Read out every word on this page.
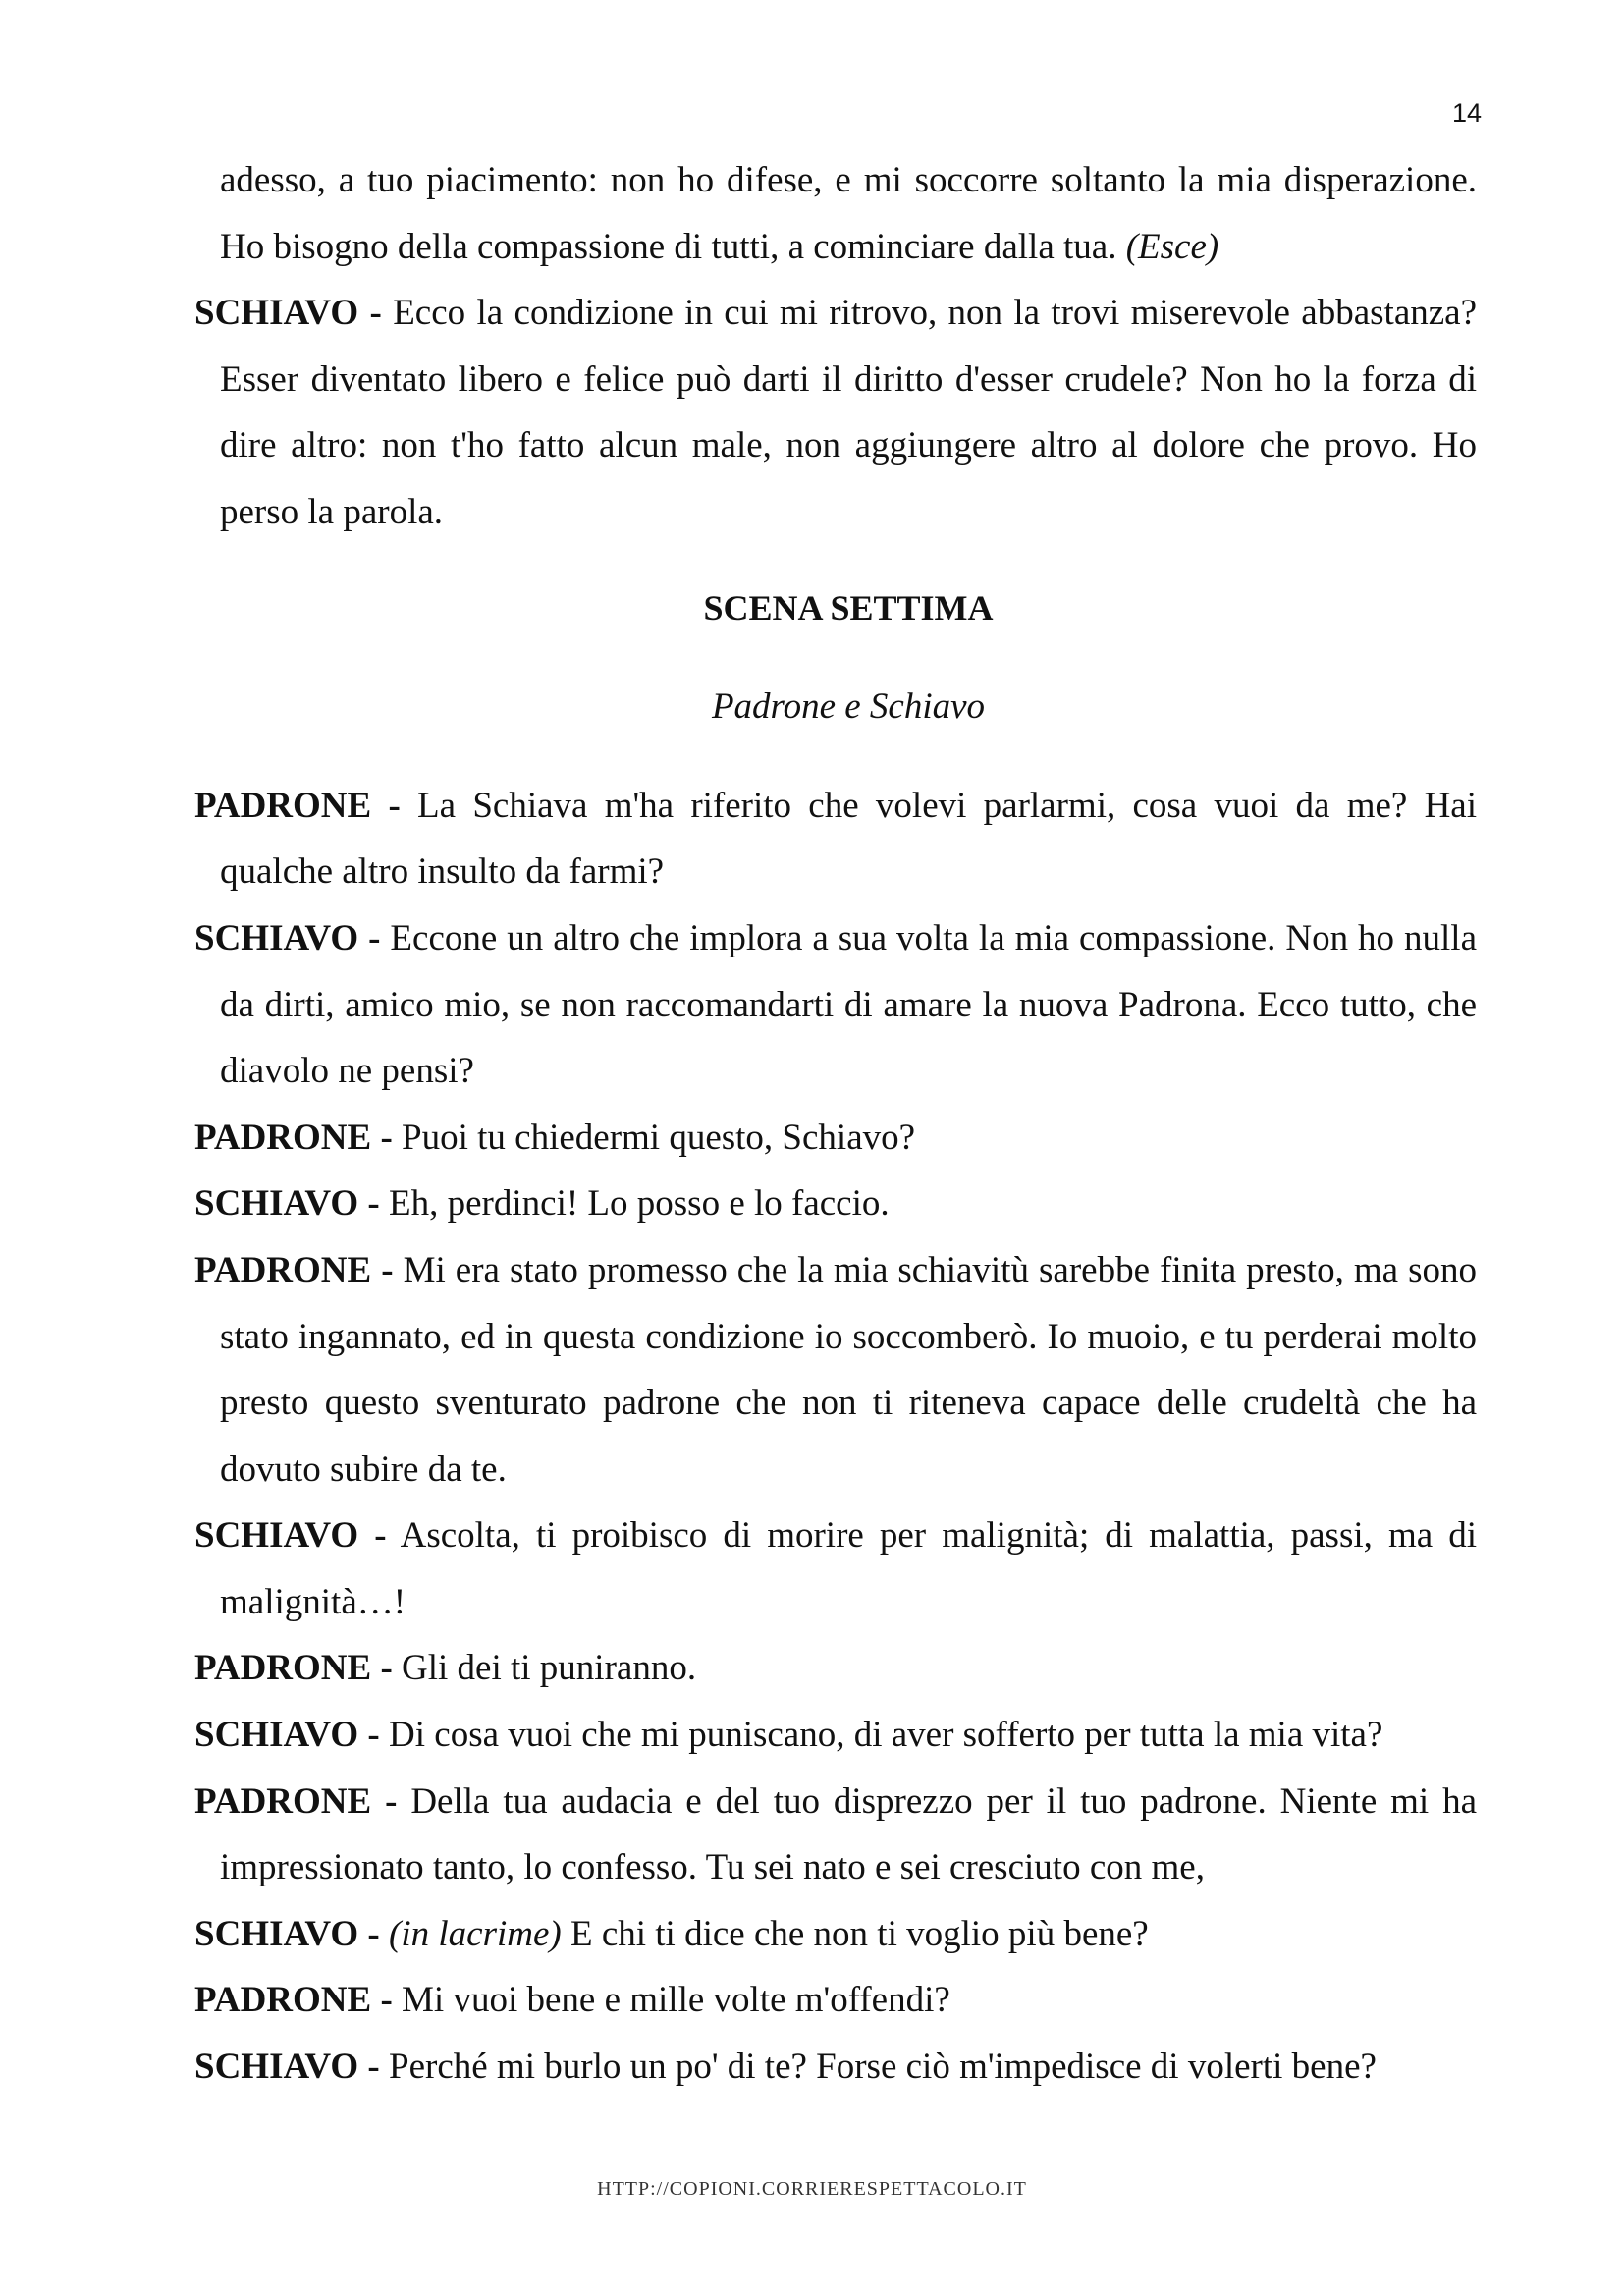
14

adesso, a tuo piacimento: non ho difese, e mi soccorre soltanto la mia disperazione. Ho bisogno della compassione di tutti, a cominciare dalla tua. (Esce)

SCHIAVO - Ecco la condizione in cui mi ritrovo, non la trovi miserevole abbastanza? Esser diventato libero e felice può darti il diritto d'esser crudele? Non ho la forza di dire altro: non t'ho fatto alcun male, non aggiungere altro al dolore che provo. Ho perso la parola.

SCENA SETTIMA

Padrone e Schiavo

PADRONE - La Schiava m'ha riferito che volevi parlarmi, cosa vuoi da me? Hai qualche altro insulto da farmi?

SCHIAVO - Eccone un altro che implora a sua volta la mia compassione. Non ho nulla da dirti, amico mio, se non raccomandarti di amare la nuova Padrona. Ecco tutto, che diavolo ne pensi?

PADRONE - Puoi tu chiedermi questo, Schiavo?

SCHIAVO - Eh, perdinci! Lo posso e lo faccio.

PADRONE - Mi era stato promesso che la mia schiavitù sarebbe finita presto, ma sono stato ingannato, ed in questa condizione io soccomberò. Io muoio, e tu perderai molto presto questo sventurato padrone che non ti riteneva capace delle crudeltà che ha dovuto subire da te.

SCHIAVO - Ascolta, ti proibisco di morire per malignità; di malattia, passi, ma di malignità…!

PADRONE - Gli dei ti puniranno.

SCHIAVO - Di cosa vuoi che mi puniscano, di aver sofferto per tutta la mia vita?

PADRONE - Della tua audacia e del tuo disprezzo per il tuo padrone. Niente mi ha impressionato tanto, lo confesso. Tu sei nato e sei cresciuto con me,

SCHIAVO - (in lacrime) E chi ti dice che non ti voglio più bene?

PADRONE - Mi vuoi bene e mille volte m'offendi?

SCHIAVO - Perché mi burlo un po' di te? Forse ciò m'impedisce di volerti bene?

HTTP://COPIONI.CORRIERESPETTACOLO.IT
